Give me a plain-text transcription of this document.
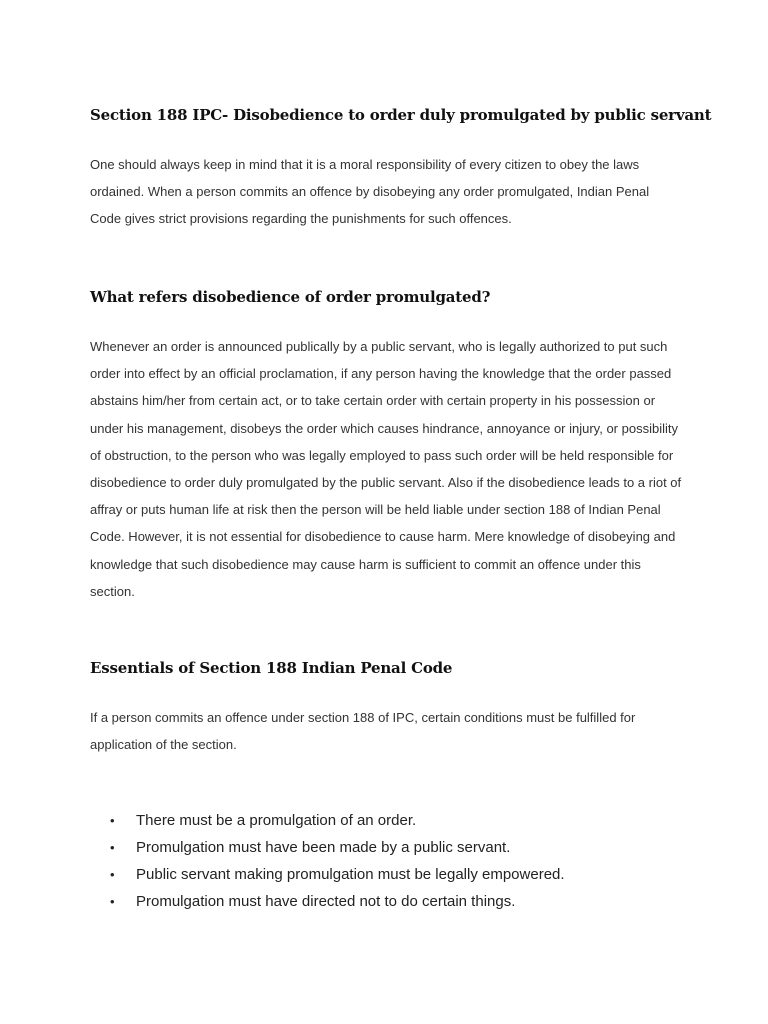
Section 188 IPC- Disobedience to order duly promulgated by public servant

One should always keep in mind that it is a moral responsibility of every citizen to obey the laws ordained. When a person commits an offence by disobeying any order promulgated, Indian Penal Code gives strict provisions regarding the punishments for such offences.

What refers disobedience of order promulgated?

Whenever an order is announced publically by a public servant, who is legally authorized to put such order into effect by an official proclamation, if any person having the knowledge that the order passed abstains him/her from certain act, or to take certain order with certain property in his possession or under his management, disobeys the order which causes hindrance, annoyance or injury, or possibility of obstruction, to the person who was legally employed to pass such order will be held responsible for disobedience to order duly promulgated by the public servant. Also if the disobedience leads to a riot of affray or puts human life at risk then the person will be held liable under section 188 of Indian Penal Code. However, it is not essential for disobedience to cause harm. Mere knowledge of disobeying and knowledge that such disobedience may cause harm is sufficient to commit an offence under this section.

Essentials of Section 188 Indian Penal Code

If a person commits an offence under section 188 of IPC, certain conditions must be fulfilled for application of the section.

• There must be a promulgation of an order.
• Promulgation must have been made by a public servant.
• Public servant making promulgation must be legally empowered.
• Promulgation must have directed not to do certain things.
